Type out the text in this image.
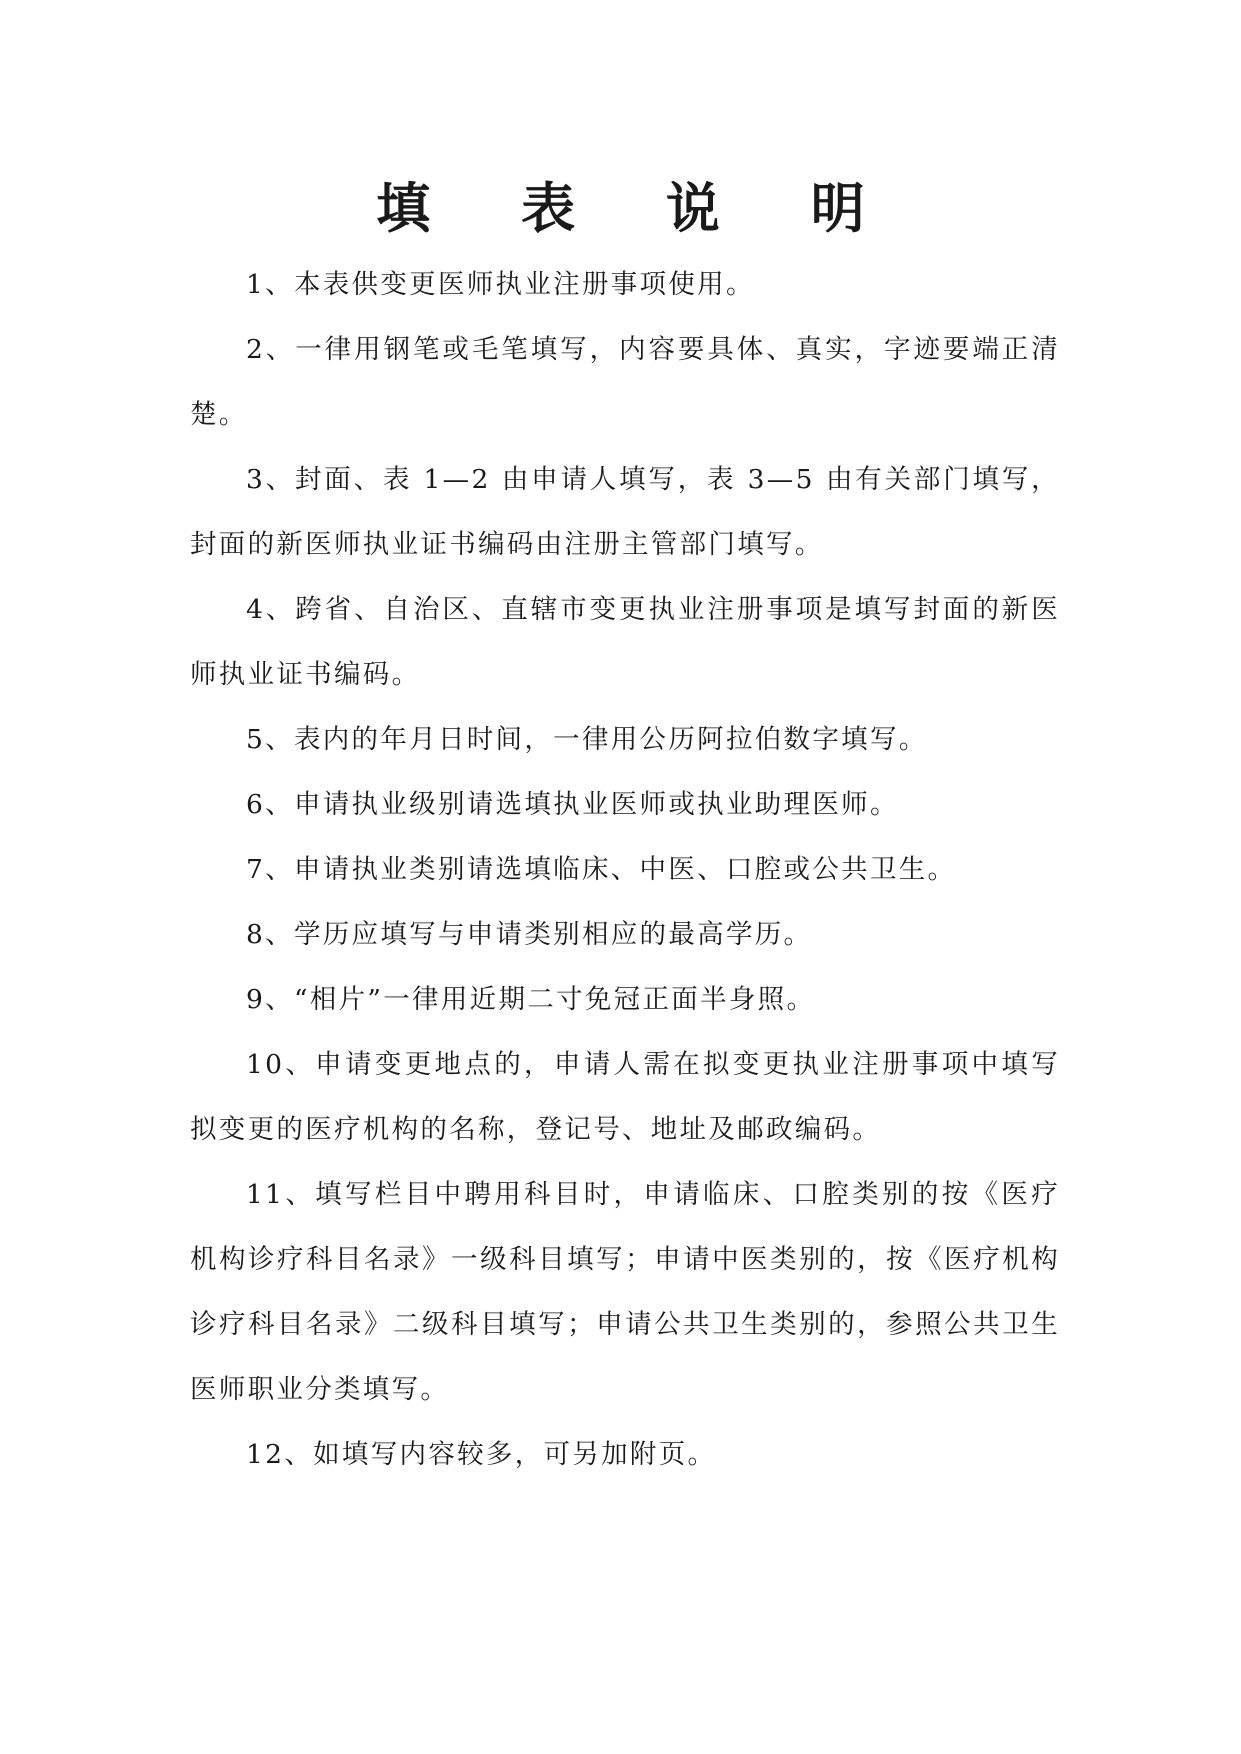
填 表 说 明

1、本表供变更医师执业注册事项使用。

2、一律用钢笔或毛笔填写，内容要具体、真实，字迹要端正清楚。

3、封面、表 1—2 由申请人填写，表 3—5 由有关部门填写，封面的新医师执业证书编码由注册主管部门填写。

4、跨省、自治区、直辖市变更执业注册事项是填写封面的新医师执业证书编码。

5、表内的年月日时间，一律用公历阿拉伯数字填写。

6、申请执业级别请选填执业医师或执业助理医师。

7、申请执业类别请选填临床、中医、口腔或公共卫生。

8、学历应填写与申请类别相应的最高学历。

9、“相片”一律用近期二寸免冠正面半身照。

10、申请变更地点的，申请人需在拟变更执业注册事项中填写拟变更的医疗机构的名称，登记号、地址及邮政编码。

11、填写栏目中聘用科目时，申请临床、口腔类别的按《医疗机构诊疗科目名录》一级科目填写；申请中医类别的，按《医疗机构诊疗科目名录》二级科目填写；申请公共卫生类别的，参照公共卫生医师职业分类填写。

12、如填写内容较多，可另加附页。
